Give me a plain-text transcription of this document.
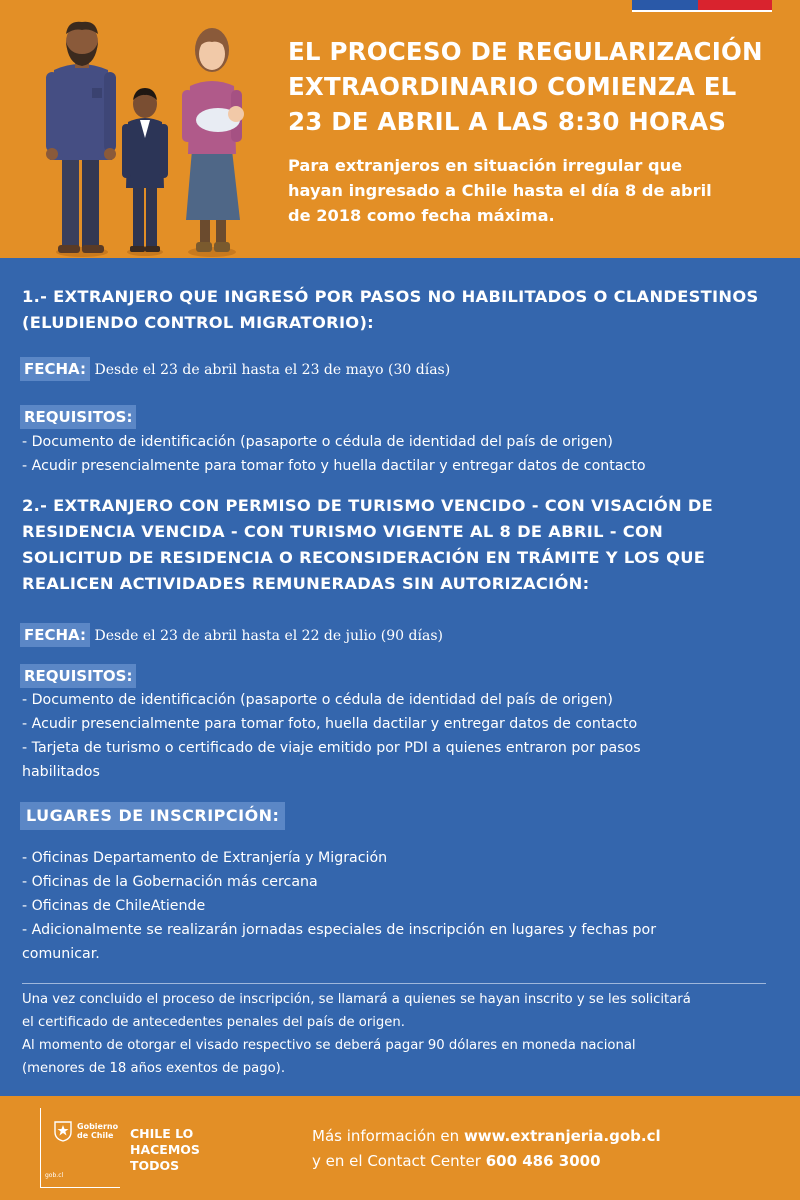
EL PROCESO DE REGULARIZACIÓN
EXTRAORDINARIO COMIENZA EL
23 DE ABRIL A LAS 8:30 HORAS
Para extranjeros en situación irregular que
hayan ingresado a Chile hasta el día 8 de abril
de 2018 como fecha máxima.
1.- EXTRANJERO QUE INGRESÓ POR PASOS NO HABILITADOS O CLANDESTINOS
(ELUDIENDO CONTROL MIGRATORIO):
FECHA: Desde el 23 de abril hasta el 23 de mayo (30 días)
REQUISITOS:
- Documento de identificación (pasaporte o cédula de identidad del país de origen)
- Acudir presencialmente para tomar foto y huella dactilar y entregar datos de contacto
2.- EXTRANJERO CON PERMISO DE TURISMO VENCIDO - CON VISACIÓN DE
RESIDENCIA VENCIDA - CON TURISMO VIGENTE AL 8 DE ABRIL - CON
SOLICITUD DE RESIDENCIA O RECONSIDERACIÓN EN TRÁMITE Y LOS QUE
REALICEN ACTIVIDADES REMUNERADAS SIN AUTORIZACIÓN:
FECHA: Desde el 23 de abril hasta el 22 de julio (90 días)
REQUISITOS:
- Documento de identificación (pasaporte o cédula de identidad del país de origen)
- Acudir presencialmente para tomar foto, huella dactilar y entregar datos de contacto
- Tarjeta de turismo o certificado de viaje emitido por PDI a quienes entraron por pasos
habilitados
LUGARES DE INSCRIPCIÓN:
- Oficinas Departamento de Extranjería y Migración
- Oficinas de la Gobernación más cercana
- Oficinas de ChileAtiende
- Adicionalmente se realizarán jornadas especiales de inscripción en lugares y fechas por
comunicar.
Una vez concluido el proceso de inscripción, se llamará a quienes se hayan inscrito y se les solicitará
el certificado de antecedentes penales del país de origen.
Al momento de otorgar el visado respectivo se deberá pagar 90 dólares en moneda nacional
(menores de 18 años exentos de pago).
Gobierno
de Chile
gob.cl
CHILE LO
HACEMOS
TODOS
Más información en www.extranjeria.gob.cl
y en el Contact Center 600 486 3000
